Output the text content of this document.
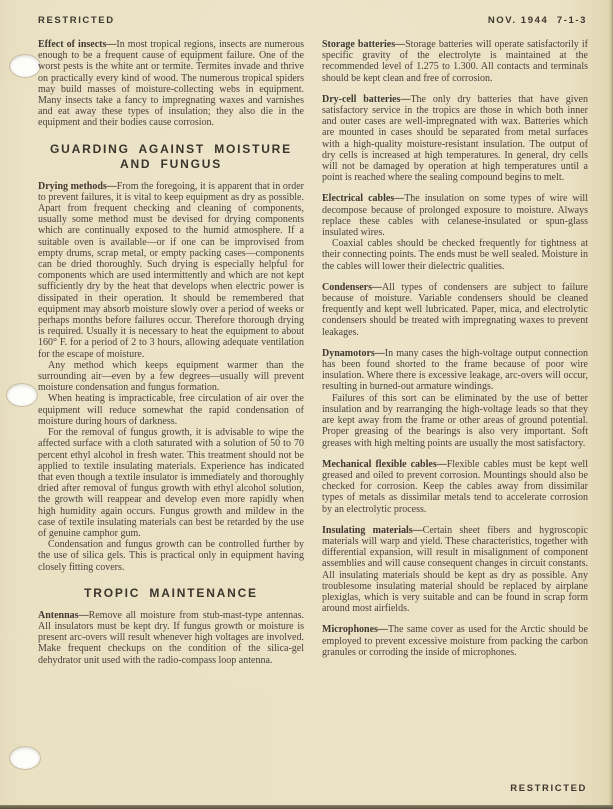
RESTRICTED	NOV. 1944  7-1-3

Effect of insects—In most tropical regions, insects are numerous enough to be a frequent cause of equipment failure. One of the worst pests is the white ant or termite. Termites invade and thrive on practically every kind of wood. The numerous tropical spiders may build masses of moisture-collecting webs in equipment. Many insects take a fancy to impregnating waxes and varnishes and eat away these types of insulation; they also die in the equipment and their bodies cause corrosion.

GUARDING AGAINST MOISTURE AND FUNGUS

Drying methods—From the foregoing, it is apparent that in order to prevent failures, it is vital to keep equipment as dry as possible. Apart from frequent checking and cleaning of components, usually some method must be devised for drying components which are continually exposed to the humid atmosphere. If a suitable oven is available—or if one can be improvised from empty drums, scrap metal, or empty packing cases—components can be dried thoroughly. Such drying is especially helpful for components which are used intermittently and which are not kept sufficiently dry by the heat that develops when electric power is dissipated in their operation. It should be remembered that equipment may absorb moisture slowly over a period of weeks or perhaps months before failures occur. Therefore thorough drying is required. Usually it is necessary to heat the equipment to about 160° F. for a period of 2 to 3 hours, allowing adequate ventilation for the escape of moisture.

Any method which keeps equipment warmer than the surrounding air—even by a few degrees—usually will prevent moisture condensation and fungus formation.

When heating is impracticable, free circulation of air over the equipment will reduce somewhat the rapid condensation of moisture during hours of darkness.

For the removal of fungus growth, it is advisable to wipe the affected surface with a cloth saturated with a solution of 50 to 70 percent ethyl alcohol in fresh water. This treatment should not be applied to textile insulating materials. Experience has indicated that even though a textile insulator is immediately and thoroughly dried after removal of fungus growth with ethyl alcohol solution, the growth will reappear and develop even more rapidly when high humidity again occurs. Fungus growth and mildew in the case of textile insulating materials can best be retarded by the use of genuine camphor gum.

Condensation and fungus growth can be controlled further by the use of silica gels. This is practical only in equipment having closely fitting covers.

TROPIC MAINTENANCE

Antennas—Remove all moisture from stub-mast-type antennas. All insulators must be kept dry. If fungus growth or moisture is present arc-overs will result whenever high voltages are involved. Make frequent checkups on the condition of the silica-gel dehydrator unit used with the radio-compass loop antenna.

Storage batteries—Storage batteries will operate satisfactorily if specific gravity of the electrolyte is maintained at the recommended level of 1.275 to 1.300. All contacts and terminals should be kept clean and free of corrosion.

Dry-cell batteries—The only dry batteries that have given satisfactory service in the tropics are those in which both inner and outer cases are well-impregnated with wax. Batteries which are mounted in cases should be separated from metal surfaces with a high-quality moisture-resistant insulation. The output of dry cells is increased at high temperatures. In general, dry cells will not be damaged by operation at high temperatures until a point is reached where the sealing compound begins to melt.

Electrical cables—The insulation on some types of wire will decompose because of prolonged exposure to moisture. Always replace these cables with celanese-insulated or spun-glass insulated wires.

Coaxial cables should be checked frequently for tightness at their connecting points. The ends must be well sealed. Moisture in the cables will lower their dielectric qualities.

Condensers—All types of condensers are subject to failure because of moisture. Variable condensers should be cleaned frequently and kept well lubricated. Paper, mica, and electrolytic condensers should be treated with impregnating waxes to prevent leakages.

Dynamotors—In many cases the high-voltage output connection has been found shorted to the frame because of poor wire insulation. Where there is excessive leakage, arc-overs will occur, resulting in burned-out armature windings.

Failures of this sort can be eliminated by the use of better insulation and by rearranging the high-voltage leads so that they are kept away from the frame or other areas of ground potential. Proper greasing of the bearings is also very important. Soft greases with high melting points are usually the most satisfactory.

Mechanical flexible cables—Flexible cables must be kept well greased and oiled to prevent corrosion. Mountings should also be checked for corrosion. Keep the cables away from dissimilar types of metals as dissimilar metals tend to accelerate corrosion by an electrolytic process.

Insulating materials—Certain sheet fibers and hygroscopic materials will warp and yield. These characteristics, together with differential expansion, will result in misalignment of component assemblies and will cause consequent changes in circuit constants. All insulating materials should be kept as dry as possible. Any troublesome insulating material should be replaced by airplane plexiglas, which is very suitable and can be found in scrap form around most airfields.

Microphones—The same cover as used for the Arctic should be employed to prevent excessive moisture from packing the carbon granules or corroding the inside of microphones.

RESTRICTED
